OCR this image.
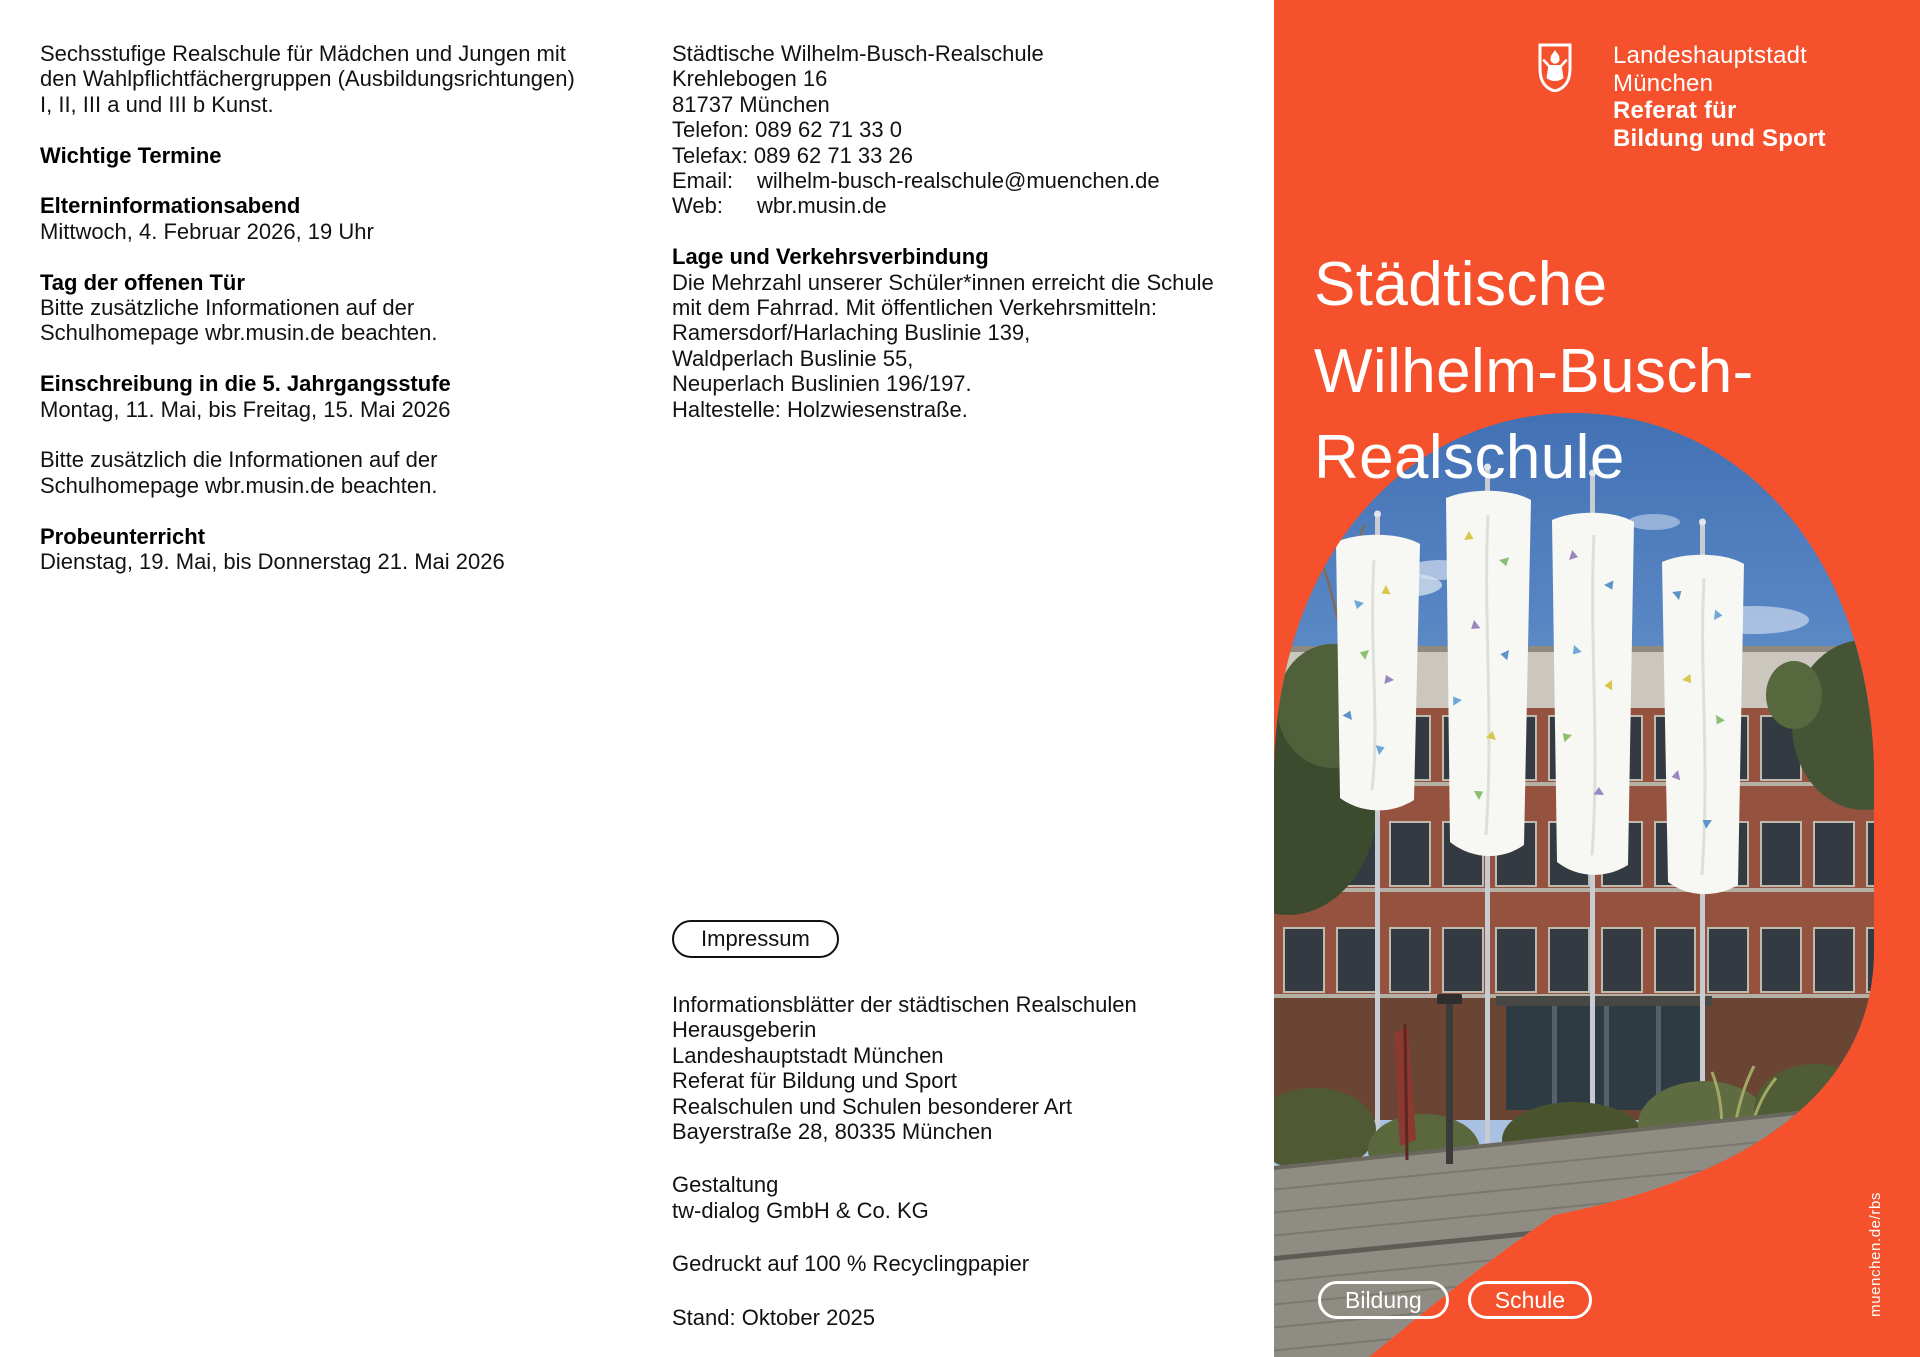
Sechsstufige Realschule für Mädchen und Jungen mit
den Wahlpflichtfächergruppen (Ausbildungsrichtungen)
I, II, III a und III b Kunst.
Wichtige Termine
Elterninformationsabend
Mittwoch, 4. Februar 2026, 19 Uhr
Tag der offenen Tür
Bitte zusätzliche Informationen auf der
Schulhomepage wbr.musin.de beachten.
Einschreibung in die 5. Jahrgangsstufe
Montag, 11. Mai, bis Freitag, 15. Mai 2026
Bitte zusätzlich die Informationen auf der
Schulhomepage wbr.musin.de beachten.
Probeunterricht
Dienstag, 19. Mai, bis Donnerstag 21. Mai 2026
Städtische Wilhelm-Busch-Realschule
Krehlebogen 16
81737 München
Telefon: 089 62 71 33 0
Telefax: 089 62 71 33 26
Email:	wilhelm-busch-realschule@muenchen.de
Web:	wbr.musin.de
Lage und Verkehrsverbindung
Die Mehrzahl unserer Schüler*innen erreicht die Schule
mit dem Fahrrad. Mit öffentlichen Verkehrsmitteln:
Ramersdorf/Harlaching Buslinie 139,
Waldperlach Buslinie 55,
Neuperlach Buslinien 196/197.
Haltestelle: Holzwiesenstraße.
Impressum
Informationsblätter der städtischen Realschulen
Herausgeberin
Landeshauptstadt München
Referat für Bildung und Sport
Realschulen und Schulen besonderer Art
Bayerstraße 28, 80335 München
Gestaltung
tw-dialog GmbH & Co. KG
Gedruckt auf 100 % Recyclingpapier
Stand: Oktober 2025
Landeshauptstadt
München
Referat für
Bildung und Sport
Städtische
Wilhelm-Busch-
Realschule
Bildung	Schule	muenchen.de/rbs
